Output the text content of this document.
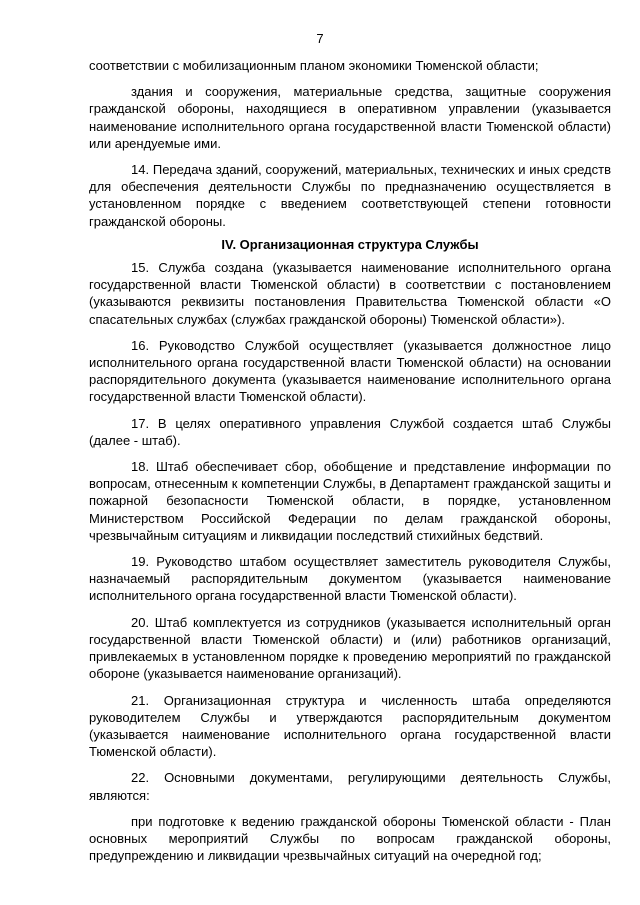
7

соответствии с мобилизационным планом экономики Тюменской области;

здания и сооружения, материальные средства, защитные сооружения гражданской обороны, находящиеся в оперативном управлении (указывается наименование исполнительного органа государственной власти Тюменской области) или арендуемые ими.

14. Передача зданий, сооружений, материальных, технических и иных средств для обеспечения деятельности Службы по предназначению осуществляется в установленном порядке с введением соответствующей степени готовности гражданской обороны.

IV. Организационная структура Службы

15. Служба создана (указывается наименование исполнительного органа государственной власти Тюменской области) в соответствии с постановлением (указываются реквизиты постановления Правительства Тюменской области «О спасательных службах (службах гражданской обороны) Тюменской области»).

16. Руководство Службой осуществляет (указывается должностное лицо исполнительного органа государственной власти Тюменской области) на основании распорядительного документа (указывается наименование исполнительного органа государственной власти Тюменской области).

17. В целях оперативного управления Службой создается штаб Службы (далее - штаб).

18. Штаб обеспечивает сбор, обобщение и представление информации по вопросам, отнесенным к компетенции Службы, в Департамент гражданской защиты и пожарной безопасности Тюменской области, в порядке, установленном Министерством Российской Федерации по делам гражданской обороны, чрезвычайным ситуациям и ликвидации последствий стихийных бедствий.

19. Руководство штабом осуществляет заместитель руководителя Службы, назначаемый распорядительным документом (указывается наименование исполнительного органа государственной власти Тюменской области).

20. Штаб комплектуется из сотрудников (указывается исполнительный орган государственной власти Тюменской области) и (или) работников организаций, привлекаемых в установленном порядке к проведению мероприятий по гражданской обороне (указывается наименование организаций).

21. Организационная структура и численность штаба определяются руководителем Службы и утверждаются распорядительным документом (указывается наименование исполнительного органа государственной власти Тюменской области).

22. Основными документами, регулирующими деятельность Службы, являются:

при подготовке к ведению гражданской обороны Тюменской области - План основных мероприятий Службы по вопросам гражданской обороны, предупреждению и ликвидации чрезвычайных ситуаций на очередной год;
